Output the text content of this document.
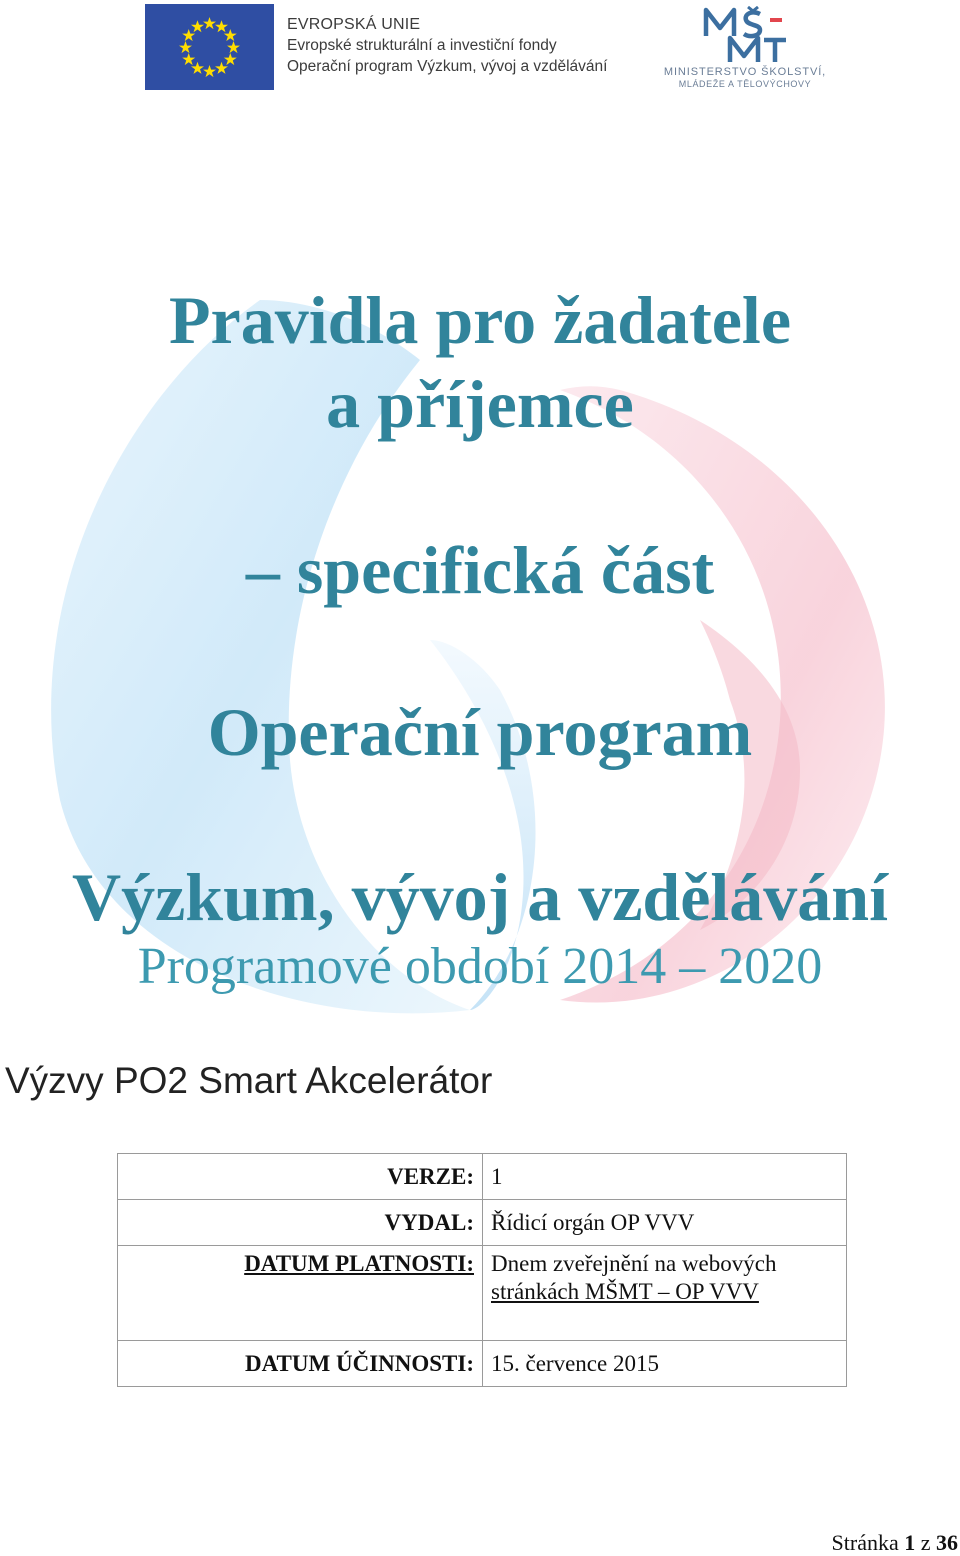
EVROPSKÁ UNIE
Evropské strukturální a investiční fondy
Operační program Výzkum, vývoj a vzdělávání	MINISTERSTVO ŠKOLSTVÍ,
MLÁDEŽE A TĚLOVÝCHOVY
Pravidla pro žadatele
a příjemce
– specifická část
Operační program
Výzkum, vývoj a vzdělávání
Programové období 2014 – 2020
Výzvy PO2 Smart Akcelerátor
VERZE:	1
VYDAL:	Řídicí orgán OP VVV
DATUM PLATNOSTI:	Dnem zveřejnění na webových
stránkách MŠMT – OP VVV
DATUM ÚČINNOSTI:	15. července 2015
Stránka 1 z 36
